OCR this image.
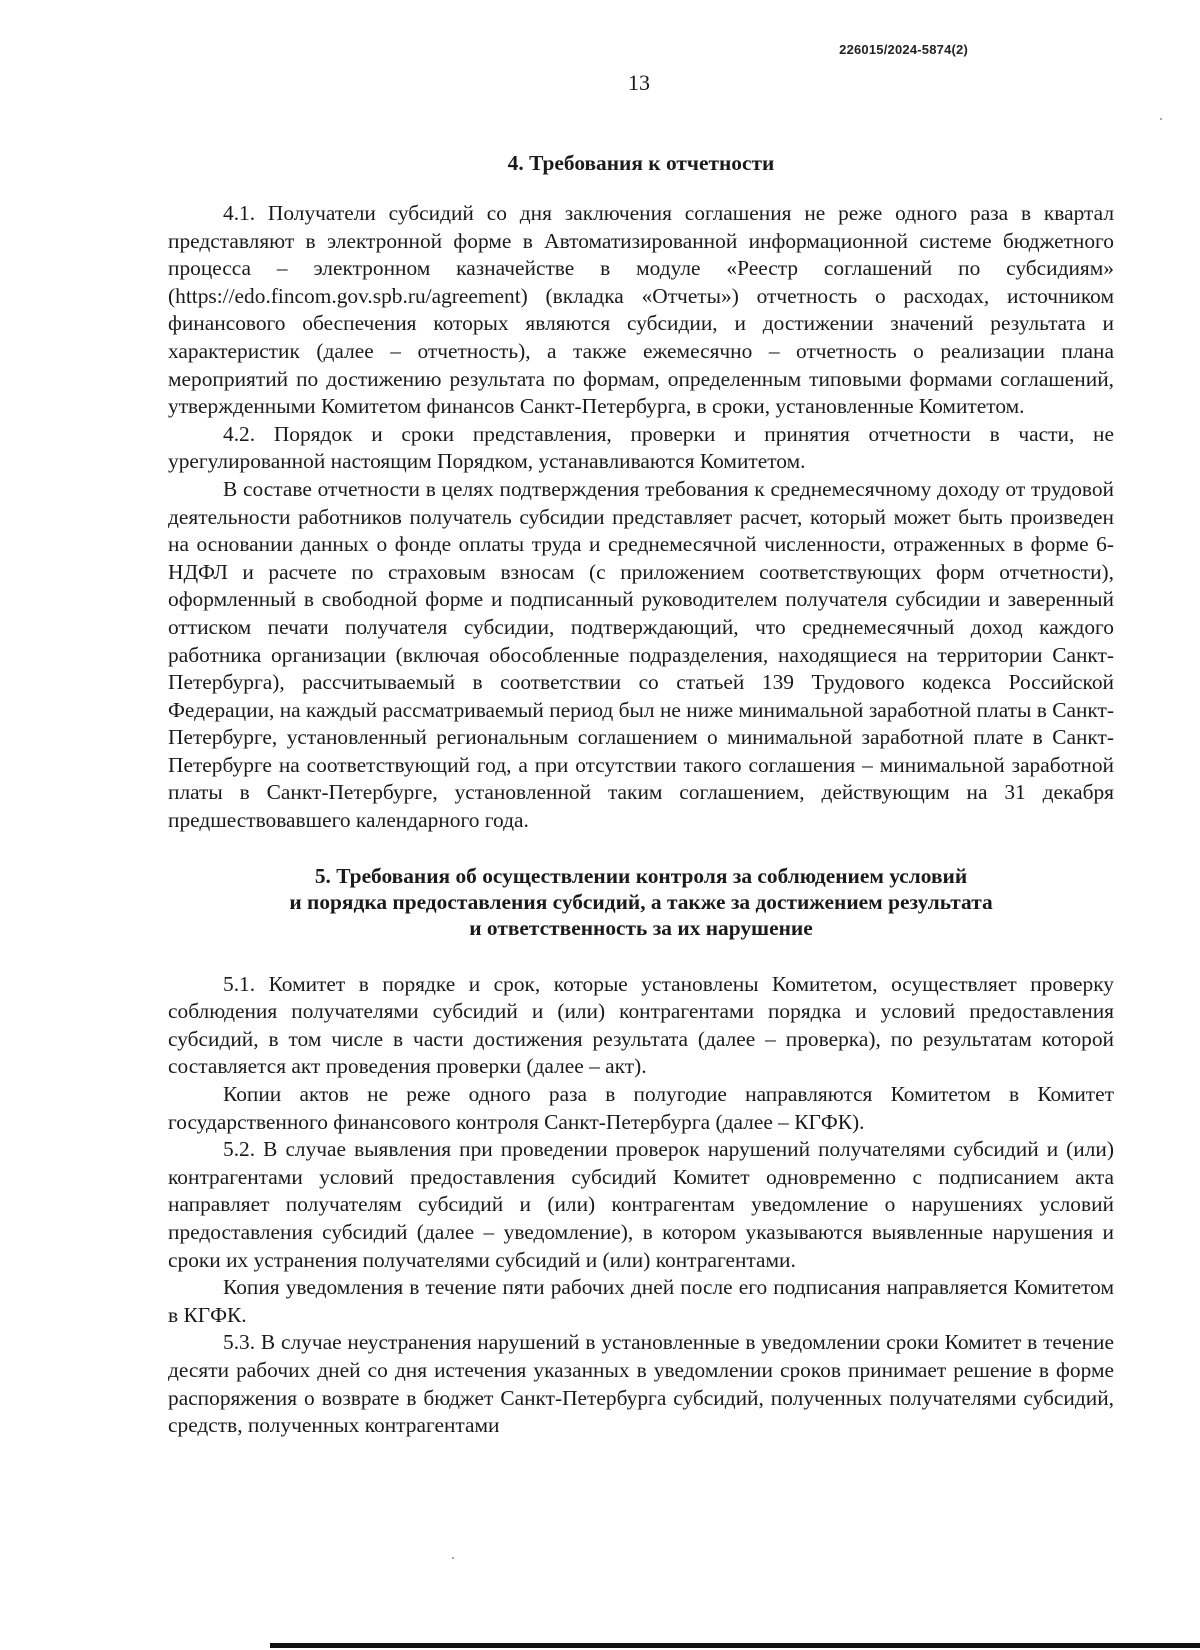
226015/2024-5874(2)
13
4. Требования к отчетности

4.1. Получатели субсидий со дня заключения соглашения не реже одного раза в квартал представляют в электронной форме в Автоматизированной информационной системе бюджетного процесса – электронном казначействе в модуле «Реестр соглашений по субсидиям» (https://edo.fincom.gov.spb.ru/agreement) (вкладка «Отчеты») отчетность о расходах, источником финансового обеспечения которых являются субсидии, и достижении значений результата и характеристик (далее – отчетность), а также ежемесячно – отчетность о реализации плана мероприятий по достижению результата по формам, определенным типовыми формами соглашений, утвержденными Комитетом финансов Санкт-Петербурга, в сроки, установленные Комитетом.

4.2. Порядок и сроки представления, проверки и принятия отчетности в части, не урегулированной настоящим Порядком, устанавливаются Комитетом.

В составе отчетности в целях подтверждения требования к среднемесячному доходу от трудовой деятельности работников получатель субсидии представляет расчет, который может быть произведен на основании данных о фонде оплаты труда и среднемесячной численности, отраженных в форме 6-НДФЛ и расчете по страховым взносам (с приложением соответствующих форм отчетности), оформленный в свободной форме и подписанный руководителем получателя субсидии и заверенный оттиском печати получателя субсидии, подтверждающий, что среднемесячный доход каждого работника организации (включая обособленные подразделения, находящиеся на территории Санкт-Петербурга), рассчитываемый в соответствии со статьей 139 Трудового кодекса Российской Федерации, на каждый рассматриваемый период был не ниже минимальной заработной платы в Санкт-Петербурге, установленный региональным соглашением о минимальной заработной плате в Санкт-Петербурге на соответствующий год, а при отсутствии такого соглашения – минимальной заработной платы в Санкт-Петербурге, установленной таким соглашением, действующим на 31 декабря предшествовавшего календарного года.

5. Требования об осуществлении контроля за соблюдением условий
и порядка предоставления субсидий, а также за достижением результата
и ответственность за их нарушение

5.1. Комитет в порядке и срок, которые установлены Комитетом, осуществляет проверку соблюдения получателями субсидий и (или) контрагентами порядка и условий предоставления субсидий, в том числе в части достижения результата (далее – проверка), по результатам которой составляется акт проведения проверки (далее – акт).

Копии актов не реже одного раза в полугодие направляются Комитетом в Комитет государственного финансового контроля Санкт-Петербурга (далее – КГФК).

5.2. В случае выявления при проведении проверок нарушений получателями субсидий и (или) контрагентами условий предоставления субсидий Комитет одновременно с подписанием акта направляет получателям субсидий и (или) контрагентам уведомление о нарушениях условий предоставления субсидий (далее – уведомление), в котором указываются выявленные нарушения и сроки их устранения получателями субсидий и (или) контрагентами.

Копия уведомления в течение пяти рабочих дней после его подписания направляется Комитетом в КГФК.

5.3. В случае неустранения нарушений в установленные в уведомлении сроки Комитет в течение десяти рабочих дней со дня истечения указанных в уведомлении сроков принимает решение в форме распоряжения о возврате в бюджет Санкт-Петербурга субсидий, полученных получателями субсидий, средств, полученных контрагентами
